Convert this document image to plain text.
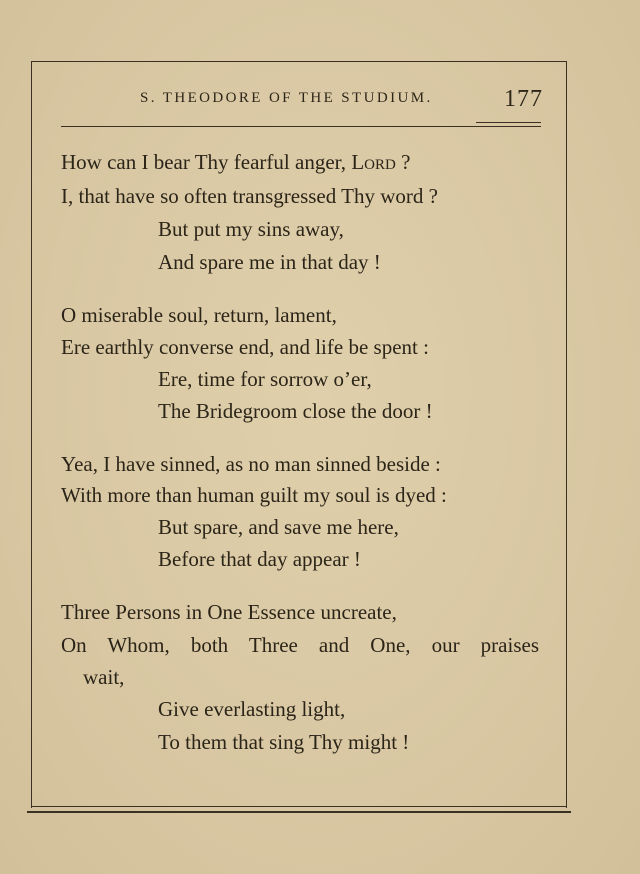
S. THEODORE OF THE STUDIUM.	177
How can I bear Thy fearful anger, Lord ?
I, that have so often transgressed Thy word ?
But put my sins away,
And spare me in that day !
O miserable soul, return, lament,
Ere earthly converse end, and life be spent :
Ere, time for sorrow o’er,
The Bridegroom close the door !
Yea, I have sinned, as no man sinned beside :
With more than human guilt my soul is dyed :
But spare, and save me here,
Before that day appear !
Three Persons in One Essence uncreate,
On Whom, both Three and One, our praises
wait,
Give everlasting light,
To them that sing Thy might !
